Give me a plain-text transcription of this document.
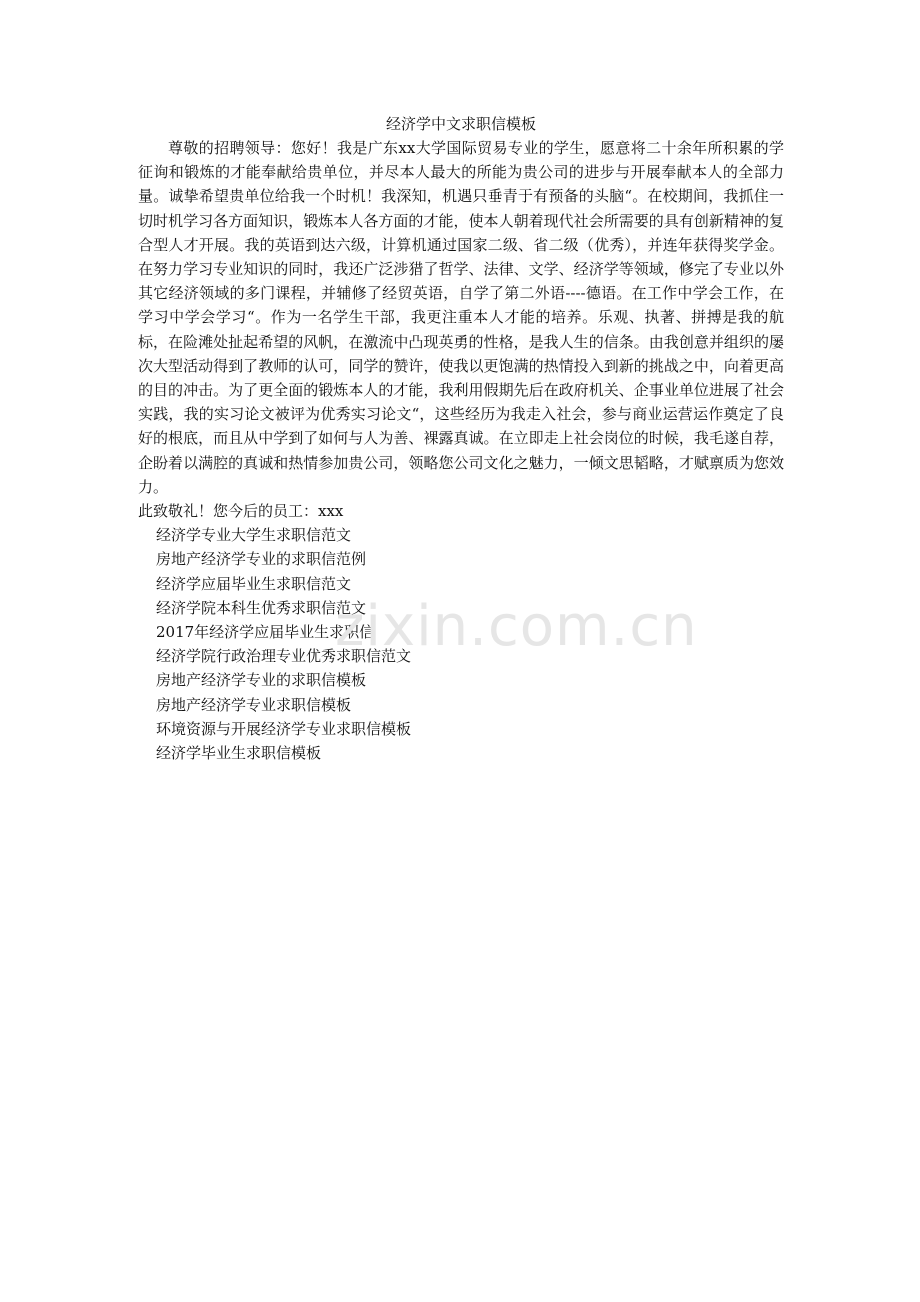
经济学中文求职信模板

尊敬的招聘领导：您好！我是广东xx大学国际贸易专业的学生，愿意将二十余年所积累的学征询和锻炼的才能奉献给贵单位，并尽本人最大的所能为贵公司的进步与开展奉献本人的全部力量。诚挚希望贵单位给我一个时机！我深知，机遇只垂青于有预备的头脑“。在校期间，我抓住一切时机学习各方面知识，锻炼本人各方面的才能，使本人朝着现代社会所需要的具有创新精神的复合型人才开展。我的英语到达六级，计算机通过国家二级、省二级（优秀），并连年获得奖学金。在努力学习专业知识的同时，我还广泛涉猎了哲学、法律、文学、经济学等领域，修完了专业以外其它经济领域的多门课程，并辅修了经贸英语，自学了第二外语----德语。在工作中学会工作，在学习中学会学习“。作为一名学生干部，我更注重本人才能的培养。乐观、执著、拼搏是我的航标，在险滩处扯起希望的风帆，在激流中凸现英勇的性格，是我人生的信条。由我创意并组织的屡次大型活动得到了教师的认可，同学的赞许，使我以更饱满的热情投入到新的挑战之中，向着更高的目的冲击。为了更全面的锻炼本人的才能，我利用假期先后在政府机关、企事业单位进展了社会实践，我的实习论文被评为优秀实习论文“，这些经历为我走入社会，参与商业运营运作奠定了良好的根底，而且从中学到了如何与人为善、裸露真诚。在立即走上社会岗位的时候，我毛遂自荐，企盼着以满腔的真诚和热情参加贵公司，领略您公司文化之魅力，一倾文思韬略，才赋禀质为您效力。

此致敬礼！您今后的员工：xxx
经济学专业大学生求职信范文
房地产经济学专业的求职信范例
经济学应届毕业生求职信范文
经济学院本科生优秀求职信范文
2017年经济学应届毕业生求职信
经济学院行政治理专业优秀求职信范文
房地产经济学专业的求职信模板
房地产经济学专业求职信模板
环境资源与开展经济学专业求职信模板
经济学毕业生求职信模板
zixin.com.cn
